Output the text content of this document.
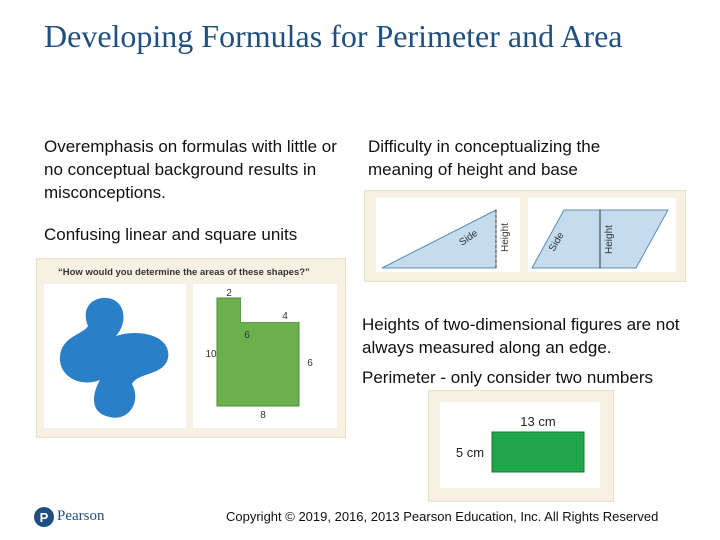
Developing Formulas for Perimeter and Area
Overemphasis on formulas with little or no conceptual background results in misconceptions.
Difficulty in conceptualizing the meaning of height and base
Confusing linear and square units
Heights of two-dimensional figures are not always measured along an edge.
Perimeter - only consider two numbers
“How would you determine the areas of these shapes?”
2
4
6
10
6
8
Side Height	Side	Height
13 cm
5 cm
P Pearson	Copyright © 2019, 2016, 2013 Pearson Education, Inc. All Rights Reserved
